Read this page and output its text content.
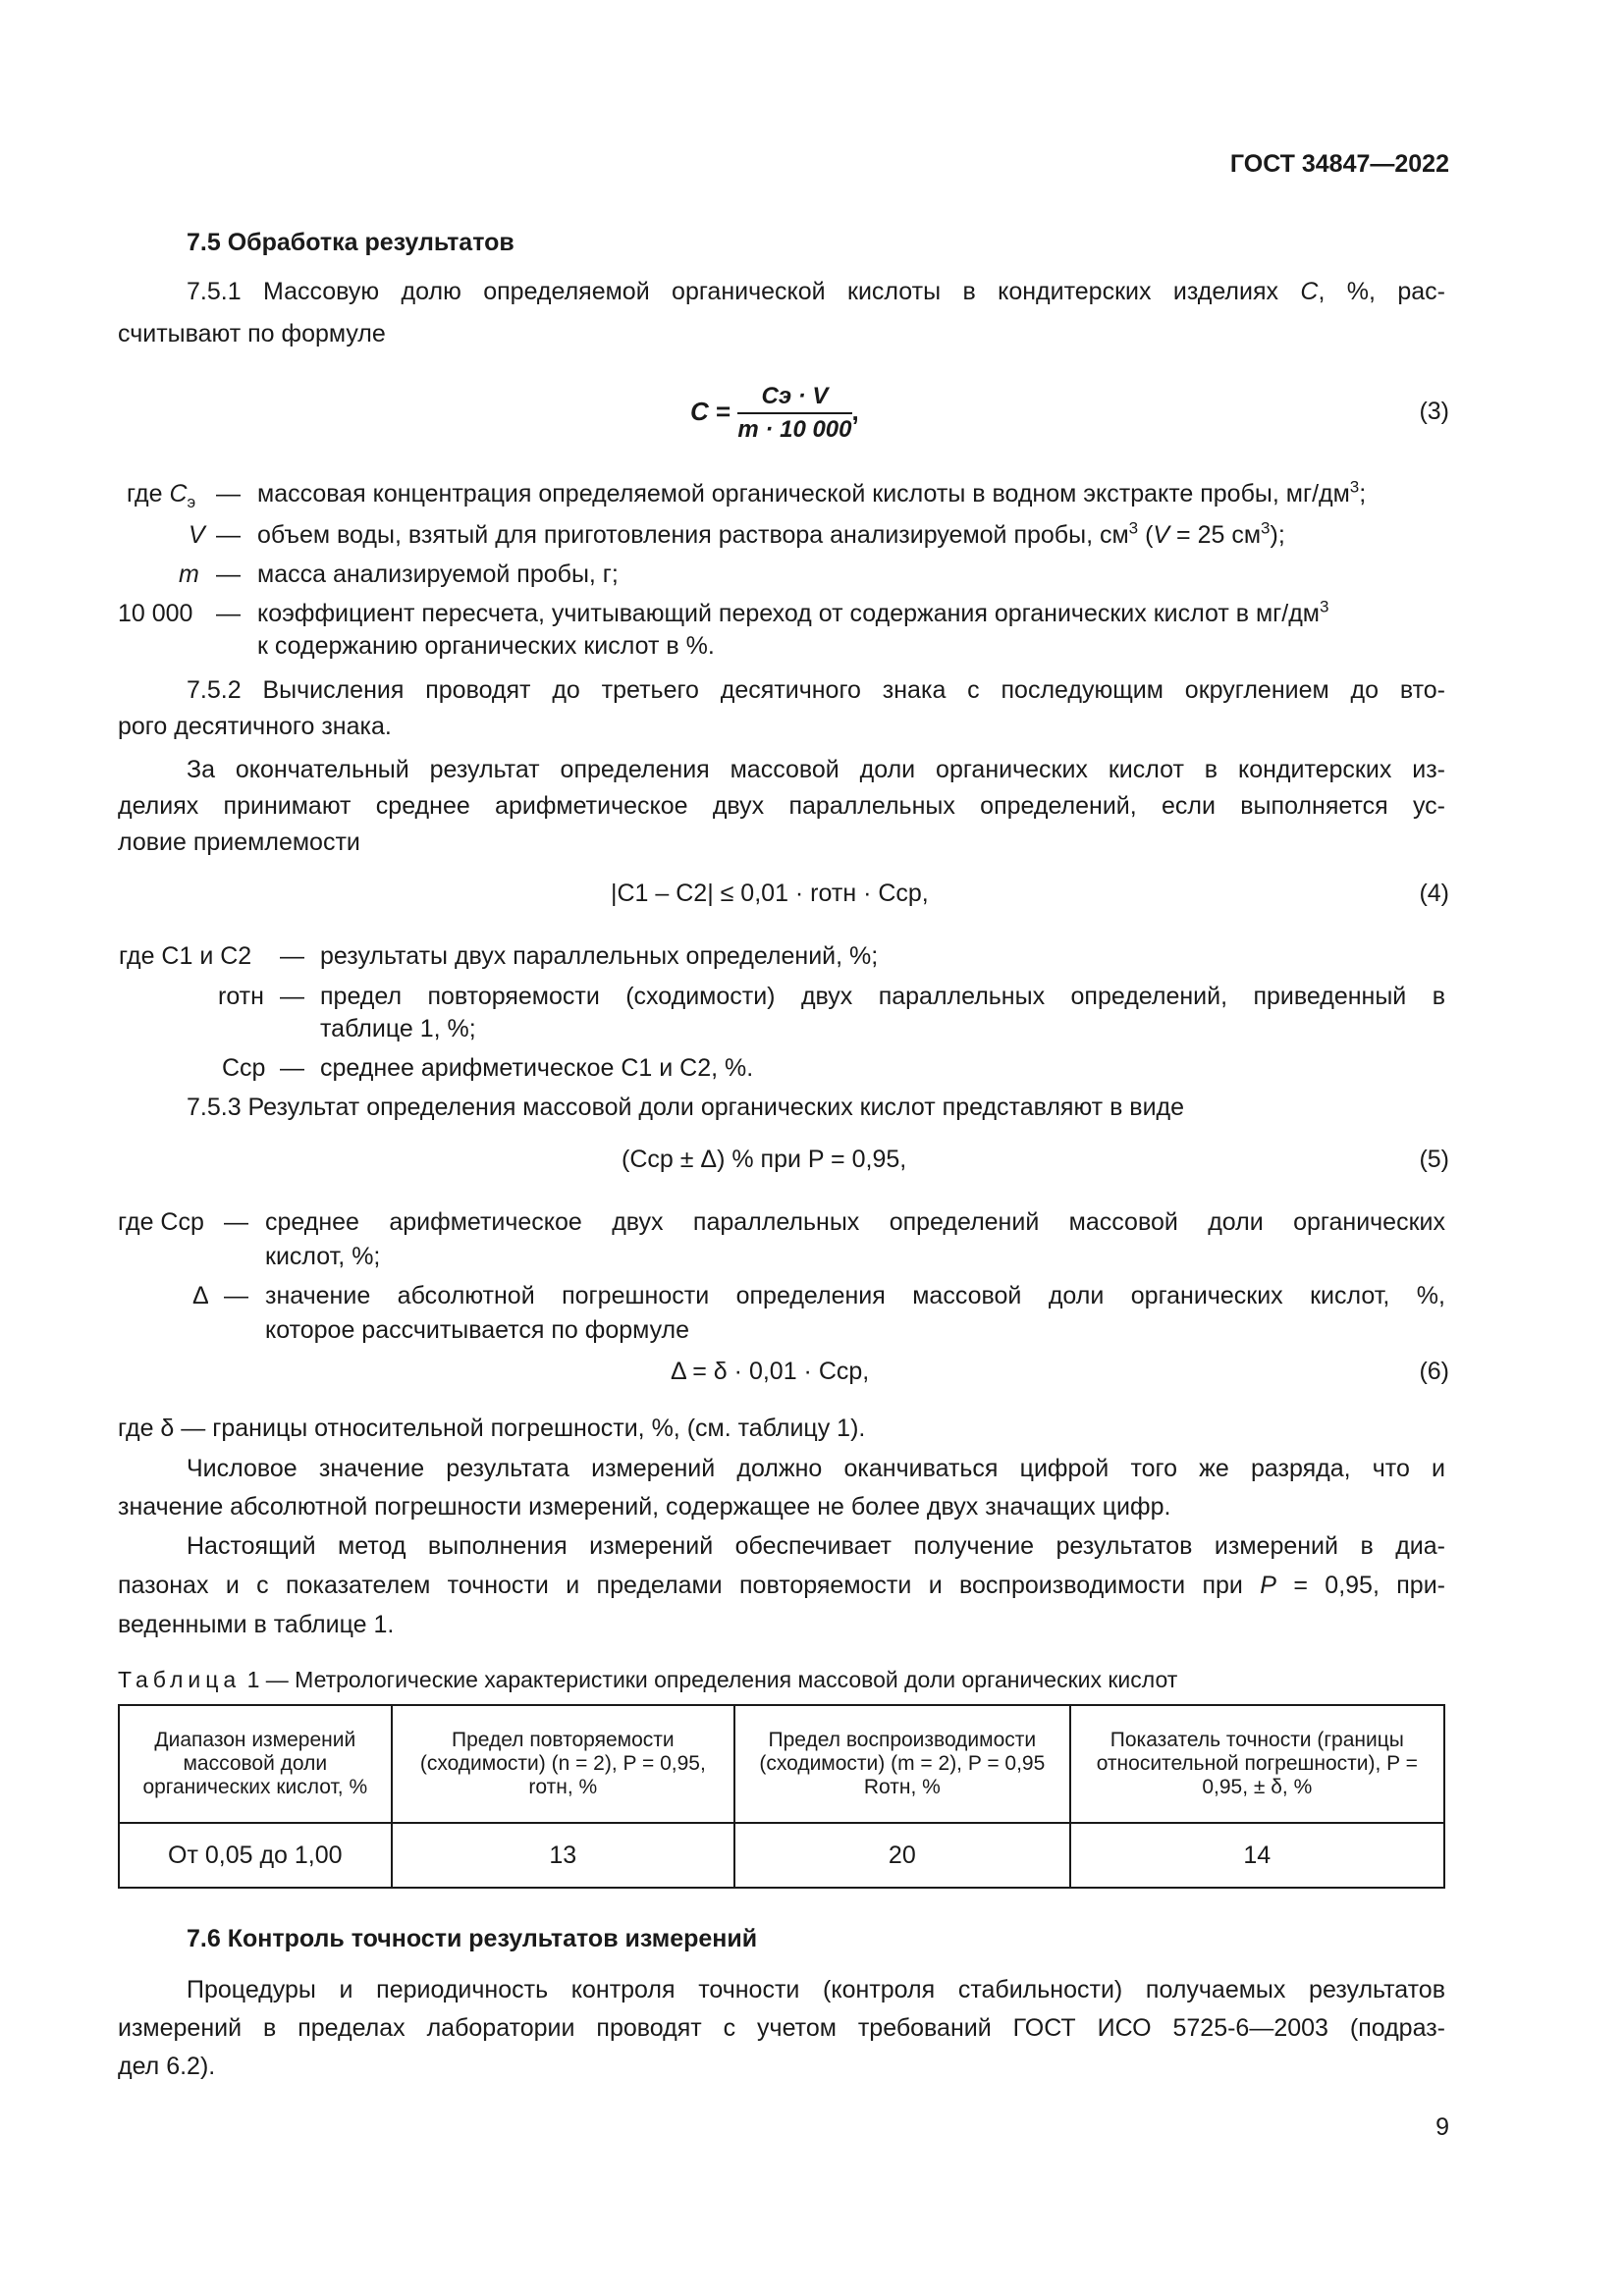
ГОСТ 34847—2022
7.5 Обработка результатов
7.5.1 Массовую долю определяемой органической кислоты в кондитерских изделиях C, %, рас-
считывают по формуле
$C = \frac{Cэ \cdot V}{m \cdot 10 000}$ ,	(3)
где $C_э$ — массовая концентрация определяемой органической кислоты в водном экстракте пробы, $мг/дм^3$;
V — объем воды, взятый для приготовления раствора анализируемой пробы, $см^3$ (V = 25 $см^3$);
m — масса анализируемой пробы, г;
10 000 — коэффициент пересчета, учитывающий переход от содержания органических кислот в $мг/дм^3$
к содержанию органических кислот в %.
7.5.2 Вычисления проводят до третьего десятичного знака с последующим округлением до вто-
рого десятичного знака.
За окончательный результат определения массовой доли органических кислот в кондитерских из-
делиях принимают среднее арифметическое двух параллельных определений, если выполняется ус-
ловие приемлемости
|C1 – C2| ≤ 0,01 · rотн · Cср,	(4)
где C1 и C2 — результаты двух параллельных определений, %;
rотн — предел повторяемости (сходимости) двух параллельных определений, приведенный в
таблице 1, %;
Cср — среднее арифметическое C1 и C2, %.
7.5.3 Результат определения массовой доли органических кислот представляют в виде
(Cср ± Δ) % при P = 0,95,	(5)
где Cср — среднее арифметическое двух параллельных определений массовой доли органических
кислот, %;
Δ — значение абсолютной погрешности определения массовой доли органических кислот, %,
которое рассчитывается по формуле
Δ = δ · 0,01 · Cср,	(6)
где δ — границы относительной погрешности, %, (см. таблицу 1).
Числовое значение результата измерений должно оканчиваться цифрой того же разряда, что и
значение абсолютной погрешности измерений, содержащее не более двух значащих цифр.
Настоящий метод выполнения измерений обеспечивает получение результатов измерений в диа-
пазонах и с показателем точности и пределами повторяемости и воспроизводимости при P = 0,95, при-
веденными в таблице 1.
Таблица 1 — Метрологические характеристики определения массовой доли органических кислот
Диапазон измерений массовой доли органических кислот, %	Предел повторяемости (сходимости) (n = 2), P = 0,95, rотн, %	Предел воспроизводимости (сходимости) (m = 2), P = 0,95 Rотн, %	Показатель точности (границы относительной погрешности), P = 0,95, ± δ, %
От 0,05 до 1,00	13	20	14
7.6 Контроль точности результатов измерений
Процедуры и периодичность контроля точности (контроля стабильности) получаемых результатов
измерений в пределах лаборатории проводят с учетом требований ГОСТ ИСО 5725-6—2003 (подраз-
дел 6.2).
9
